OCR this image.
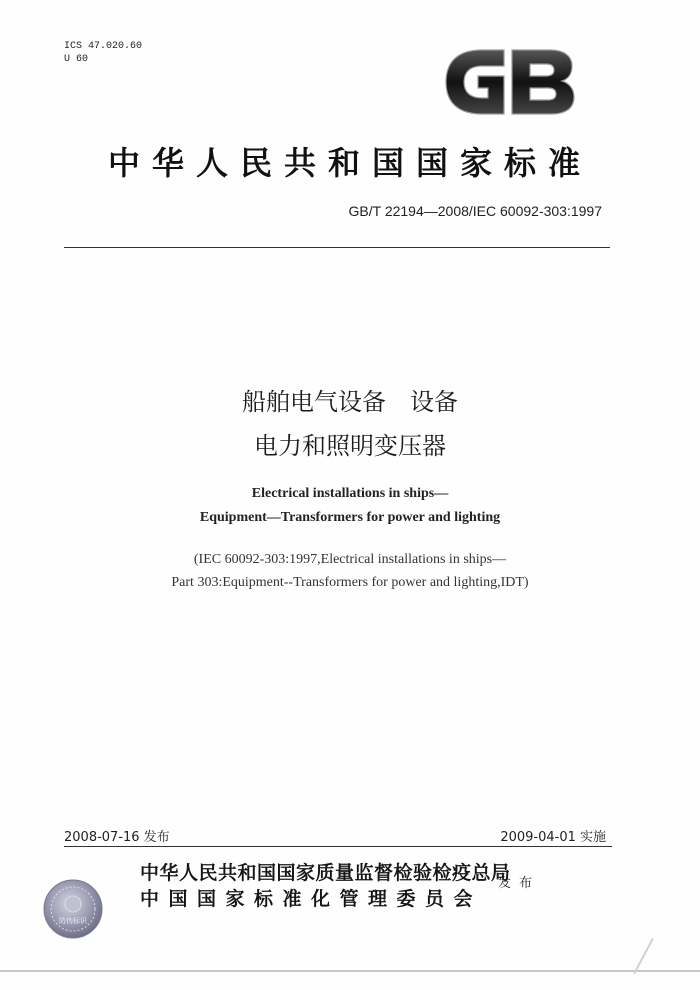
ICS 47.020.60
U 60
中华人民共和国国家标准
GB/T 22194—2008/IEC 60092-303:1997
船舶电气设备　设备
电力和照明变压器
Electrical installations in ships—
Equipment—Transformers for power and lighting
(IEC 60092-303:1997,Electrical installations in ships—
Part 303:Equipment--Transformers for power and lighting,IDT)
2008-07-16 发布	2009-04-01 实施
防伪标识
中华人民共和国国家质量监督检验检疫总局
中国国家标准化管理委员会
发布
